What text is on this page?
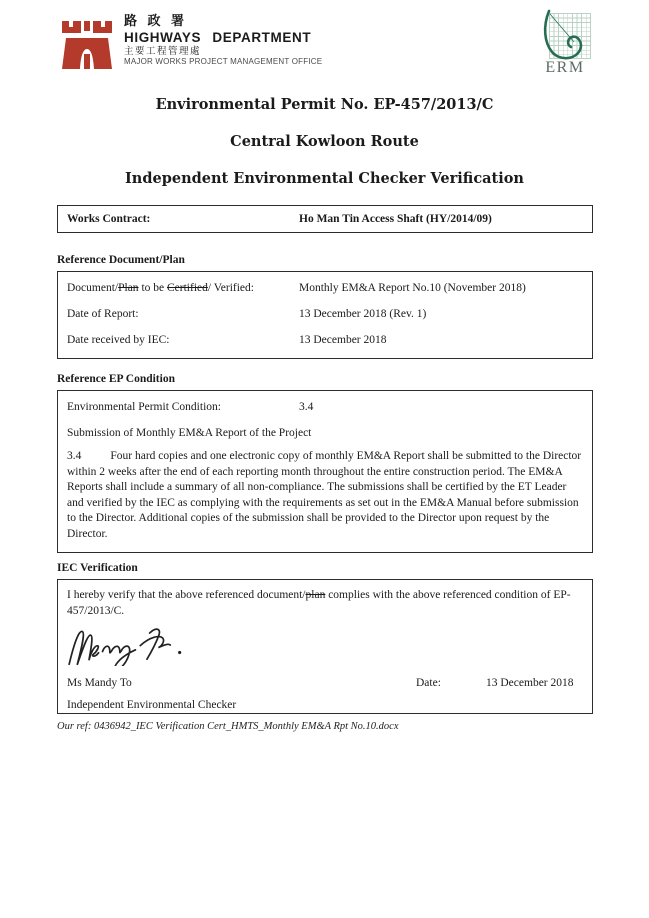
路 政 署
HIGHWAYS DEPARTMENT
主要工程管理處
MAJOR WORKS PROJECT MANAGEMENT OFFICE	ERM
Environmental Permit No. EP-457/2013/C
Central Kowloon Route
Independent Environmental Checker Verification
Works Contract:	Ho Man Tin Access Shaft (HY/2014/09)
Reference Document/Plan
Document/Plan to be Certified/ Verified:	Monthly EM&A Report No.10 (November 2018)
Date of Report:	13 December 2018 (Rev. 1)
Date received by IEC:	13 December 2018
Reference EP Condition
Environmental Permit Condition:	3.4
Submission of Monthly EM&A Report of the Project
3.4	Four hard copies and one electronic copy of monthly EM&A Report shall be submitted to the Director within 2 weeks after the end of each reporting month throughout the entire construction period. The EM&A Reports shall include a summary of all non-compliance. The submissions shall be certified by the ET Leader and verified by the IEC as complying with the requirements as set out in the EM&A Manual before submission to the Director. Additional copies of the submission shall be provided to the Director upon request by the Director.
IEC Verification
I hereby verify that the above referenced document/plan complies with the above referenced condition of EP-457/2013/C.
Ms Mandy To	Date:	13 December 2018
Independent Environmental Checker
Our ref: 0436942_IEC Verification Cert_HMTS_Monthly EM&A Rpt No.10.docx
